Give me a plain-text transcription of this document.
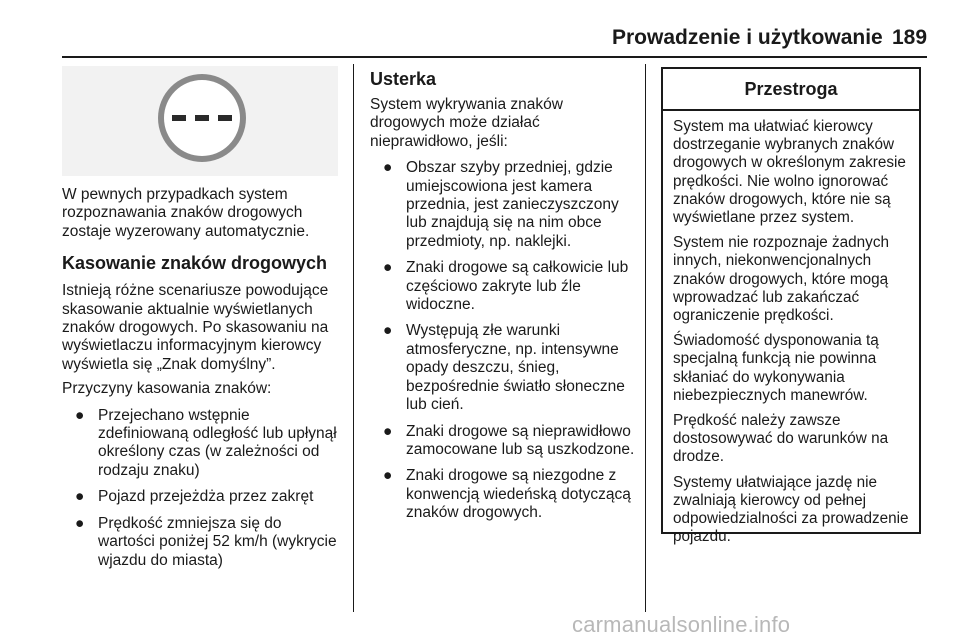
Prowadzenie i użytkowanie 189

W pewnych przypadkach system rozpoznawania znaków drogowych zostaje wyzerowany automatycznie.

Kasowanie znaków drogowych

Istnieją różne scenariusze powodujące skasowanie aktualnie wyświetlanych znaków drogowych. Po skasowaniu na wyświetlaczu informacyjnym kierowcy wyświetla się „Znak domyślny”.

Przyczyny kasowania znaków:

● Przejechano wstępnie zdefiniowaną odległość lub upłynął określony czas (w zależności od rodzaju znaku)
● Pojazd przejeżdża przez zakręt
● Prędkość zmniejsza się do wartości poniżej 52 km/h (wykrycie wjazdu do miasta)
Usterka

System wykrywania znaków drogowych może działać nieprawidłowo, jeśli:

● Obszar szyby przedniej, gdzie umiejscowiona jest kamera przednia, jest zanieczyszczony lub znajdują się na nim obce przedmioty, np. naklejki.
● Znaki drogowe są całkowicie lub częściowo zakryte lub źle widoczne.
● Występują złe warunki atmosferyczne, np. intensywne opady deszczu, śnieg, bezpośrednie światło słoneczne lub cień.
● Znaki drogowe są nieprawidłowo zamocowane lub są uszkodzone.
● Znaki drogowe są niezgodne z konwencją wiedeńską dotyczącą znaków drogowych.
Przestroga

System ma ułatwiać kierowcy dostrzeganie wybranych znaków drogowych w określonym zakresie prędkości. Nie wolno ignorować znaków drogowych, które nie są wyświetlane przez system.

System nie rozpoznaje żadnych innych, niekonwencjonalnych znaków drogowych, które mogą wprowadzać lub zakańczać ograniczenie prędkości.

Świadomość dysponowania tą specjalną funkcją nie powinna skłaniać do wykonywania niebezpiecznych manewrów.

Prędkość należy zawsze dostosowywać do warunków na drodze.

Systemy ułatwiające jazdę nie zwalniają kierowcy od pełnej odpowiedzialności za prowadzenie pojazdu.

carmanualsonline.info
